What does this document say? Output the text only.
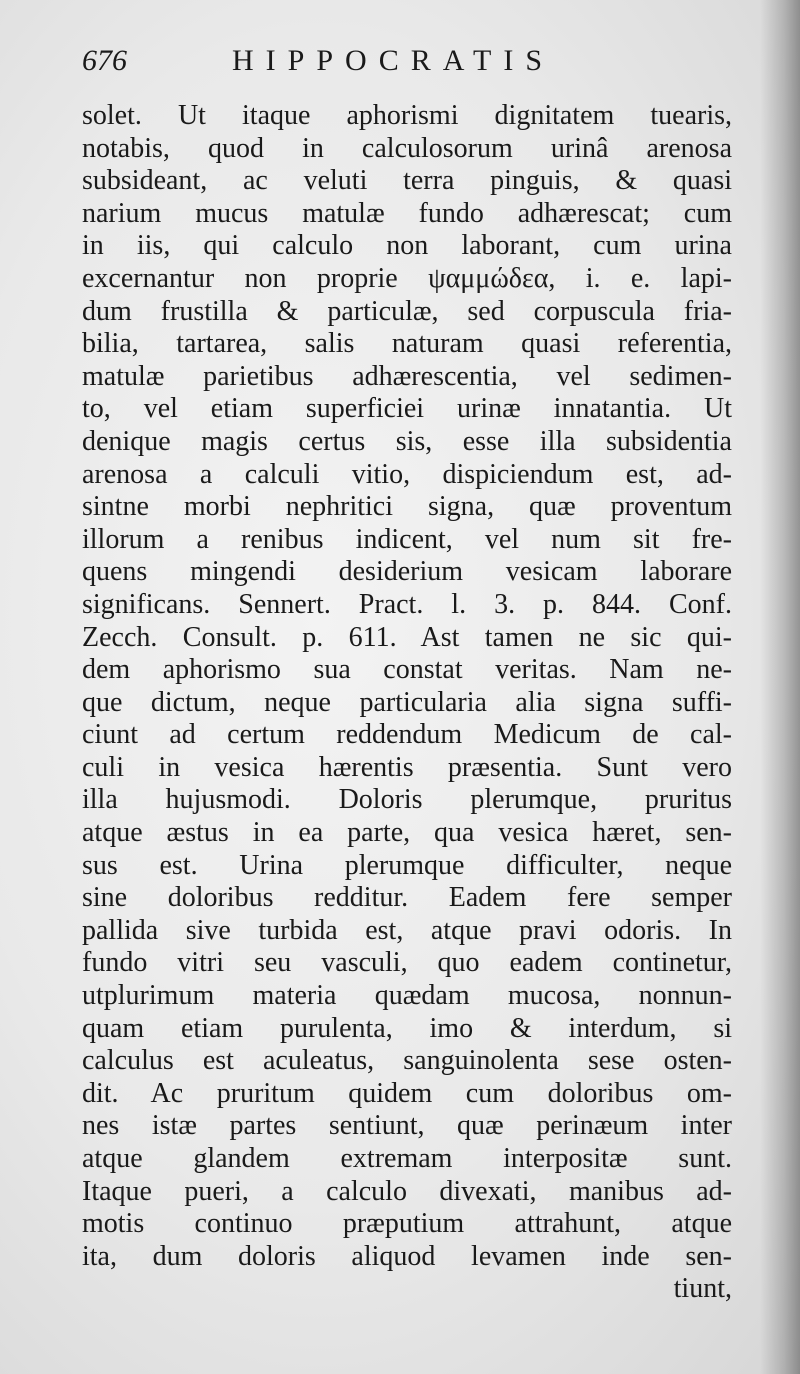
676	HIPPOCRATIS
solet. Ut itaque aphorismi dignitatem tuearis,
notabis, quod in calculosorum urinâ arenosa
subsideant, ac veluti terra pinguis, & quasi
narium mucus matulæ fundo adhærescat; cum
in iis, qui calculo non laborant, cum urina
excernantur non proprie ψαμμώδεα, i. e. lapi-
dum frustilla & particulæ, sed corpuscula fria-
bilia, tartarea, salis naturam quasi referentia,
matulæ parietibus adhærescentia, vel sedimen-
to, vel etiam superficiei urinæ innatantia. Ut
denique magis certus sis, esse illa subsidentia
arenosa a calculi vitio, dispiciendum est, ad-
sintne morbi nephritici signa, quæ proventum
illorum a renibus indicent, vel num sit fre-
quens mingendi desiderium vesicam laborare
significans. Sennert. Pract. l. 3. p. 844. Conf.
Zecch. Consult. p. 611. Ast tamen ne sic qui-
dem aphorismo sua constat veritas. Nam ne-
que dictum, neque particularia alia signa suffi-
ciunt ad certum reddendum Medicum de cal-
culi in vesica hærentis præsentia. Sunt vero
illa hujusmodi. Doloris plerumque, pruritus
atque æstus in ea parte, qua vesica hæret, sen-
sus est. Urina plerumque difficulter, neque
sine doloribus redditur. Eadem fere semper
pallida sive turbida est, atque pravi odoris. In
fundo vitri seu vasculi, quo eadem continetur,
utplurimum materia quædam mucosa, nonnun-
quam etiam purulenta, imo & interdum, si
calculus est aculeatus, sanguinolenta sese osten-
dit. Ac pruritum quidem cum doloribus om-
nes istæ partes sentiunt, quæ perinæum inter
atque glandem extremam interpositæ sunt.
Itaque pueri, a calculo divexati, manibus ad-
motis continuo præputium attrahunt, atque
ita, dum doloris aliquod levamen inde sen-
tiunt,
